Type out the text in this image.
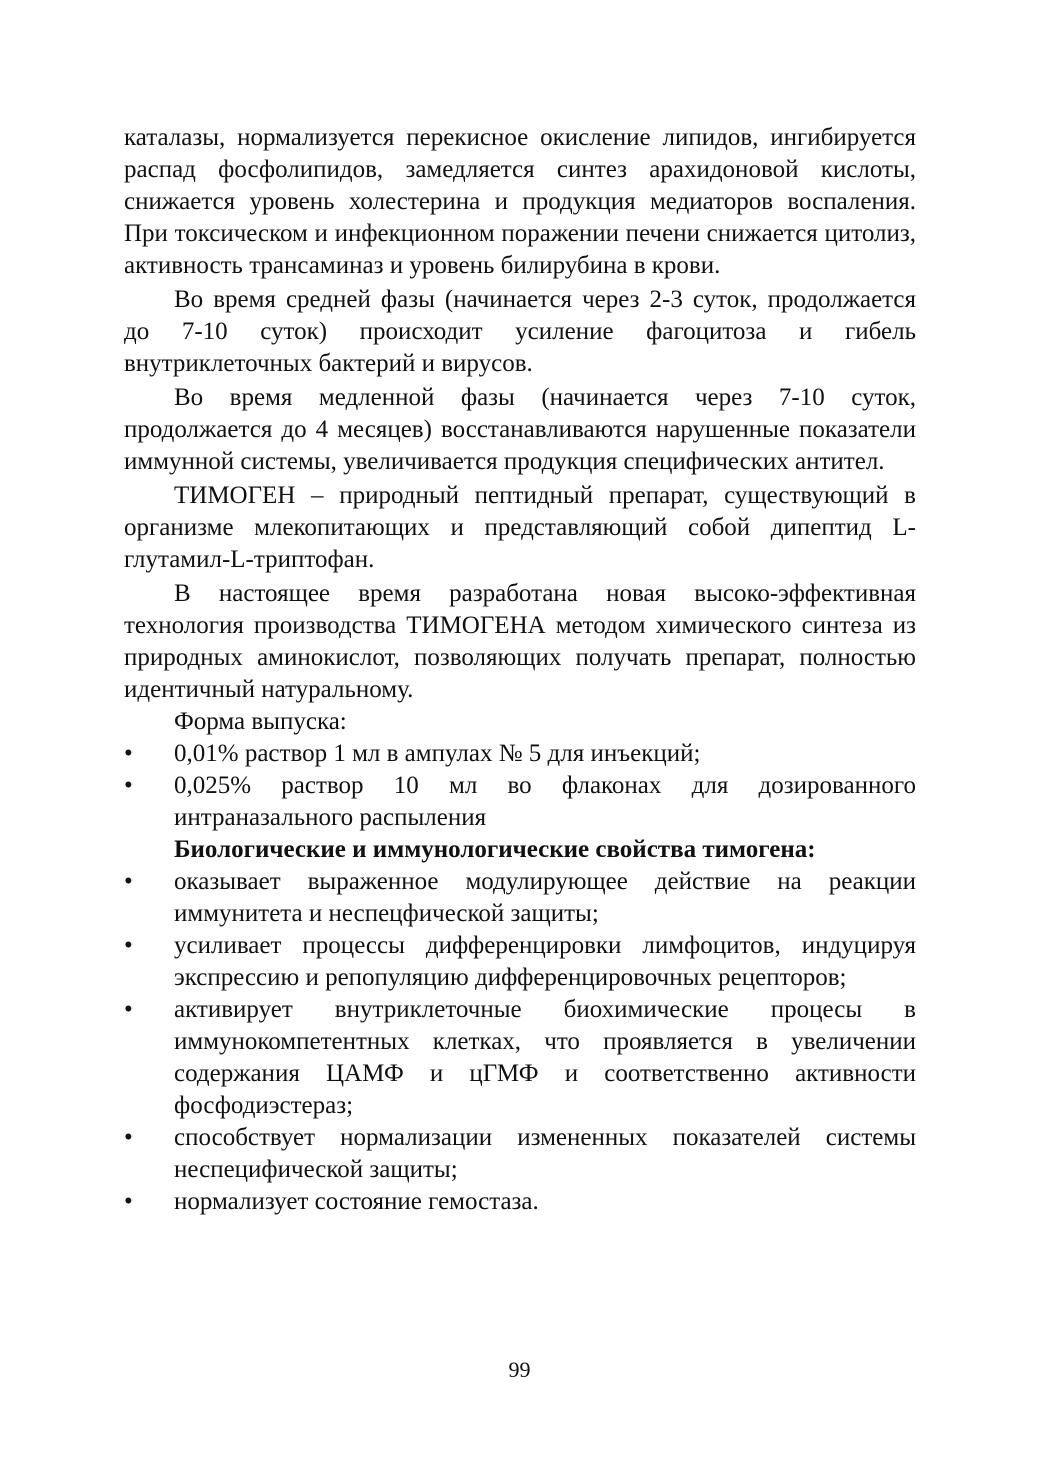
каталазы, нормализуется перекисное окисление липидов, ингибируется распад фосфолипидов, замедляется синтез арахидоновой кислоты, снижается уровень холестерина и продукция медиаторов воспаления. При токсическом и инфекционном поражении печени снижается цитолиз, активность трансаминаз и уровень билирубина в крови.

Во время средней фазы (начинается через 2-3 суток, продолжается до 7-10 суток) происходит усиление фагоцитоза и гибель внутриклеточных бактерий и вирусов.

Во время медленной фазы (начинается через 7-10 суток, продолжается до 4 месяцев) восстанавливаются нарушенные показатели иммунной системы, увеличивается продукция специфических антител.

ТИМОГЕН – природный пептидный препарат, существующий в организме млекопитающих и представляющий собой дипептид L-глутамил-L-триптофан.

В настоящее время разработана новая высоко-эффективная технология производства ТИМОГЕНА методом химического синтеза из природных аминокислот, позволяющих получать препарат, полностью идентичный натуральному.

Форма выпуска:

• 0,01% раствор 1 мл в ампулах № 5 для инъекций;
• 0,025% раствор 10 мл во флаконах для дозированного интраназального распыления

Биологические и иммунологические свойства тимогена:

• оказывает выраженное модулирующее действие на реакции иммунитета и неспецфической защиты;
• усиливает процессы дифференцировки лимфоцитов, индуцируя экспрессию и репопуляцию дифференцировочных рецепторов;
• активирует внутриклеточные биохимические процесы в иммунокомпетентных клетках, что проявляется в увеличении содержания ЦАМФ и цГМФ и соответственно активности фосфодиэстераз;
• способствует нормализации измененных показателей системы неспецифической защиты;
• нормализует состояние гемостаза.
99
